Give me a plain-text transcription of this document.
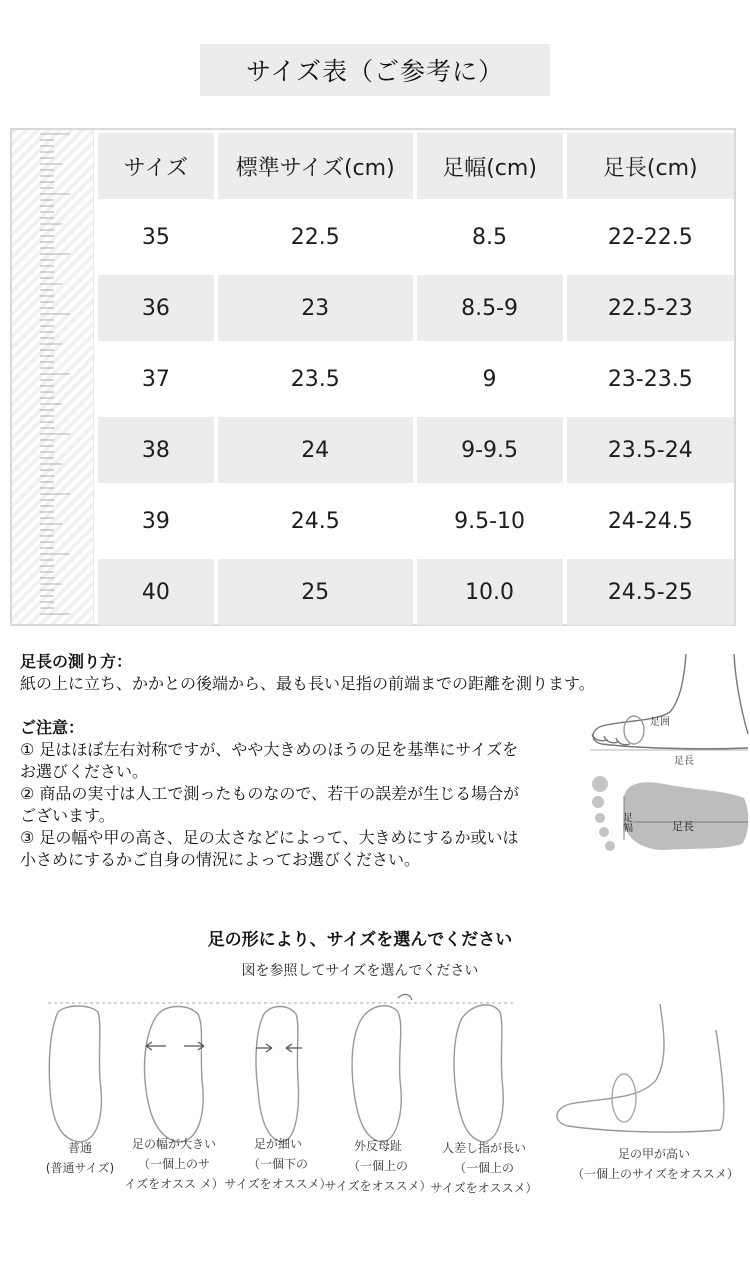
サイズ表（ご参考に）
サイズ	標準サイズ(cm)	足幅(cm)	足長(cm)
35	22.5	8.5	22-22.5
36	23	8.5-9	22.5-23
37	23.5	9	23-23.5
38	24	9-9.5	23.5-24
39	24.5	9.5-10	24-24.5
40	25	10.0	24.5-25
足長の測り方：
紙の上に立ち、かかとの後端から、最も長い足指の前端までの距離を測ります。
ご注意：
① 足はほぼ左右対称ですが、やや大きめのほうの足を基準にサイズを
お選びください。
② 商品の実寸は人工で測ったものなので、若干の誤差が生じる場合が
ございます。
③ 足の幅や甲の高さ、足の太さなどによって、大きめにするか或いは
小さめにするかご自身の情況によってお選びください。
足囲
足長
足幅	足長
足の形により、サイズを選んでください
図を参照してサイズを選んでください
普通
(普通サイズ)
足の幅が大きい
（一個上のサ
イズをオスス メ）
足が細い
（一個下の
サイズをオススメ）
外反母趾
（一個上の
サイズをオススメ）
人差し指が長い
（一個上の
サイズをオススメ）
足の甲が高い
（一個上のサイズをオススメ）
